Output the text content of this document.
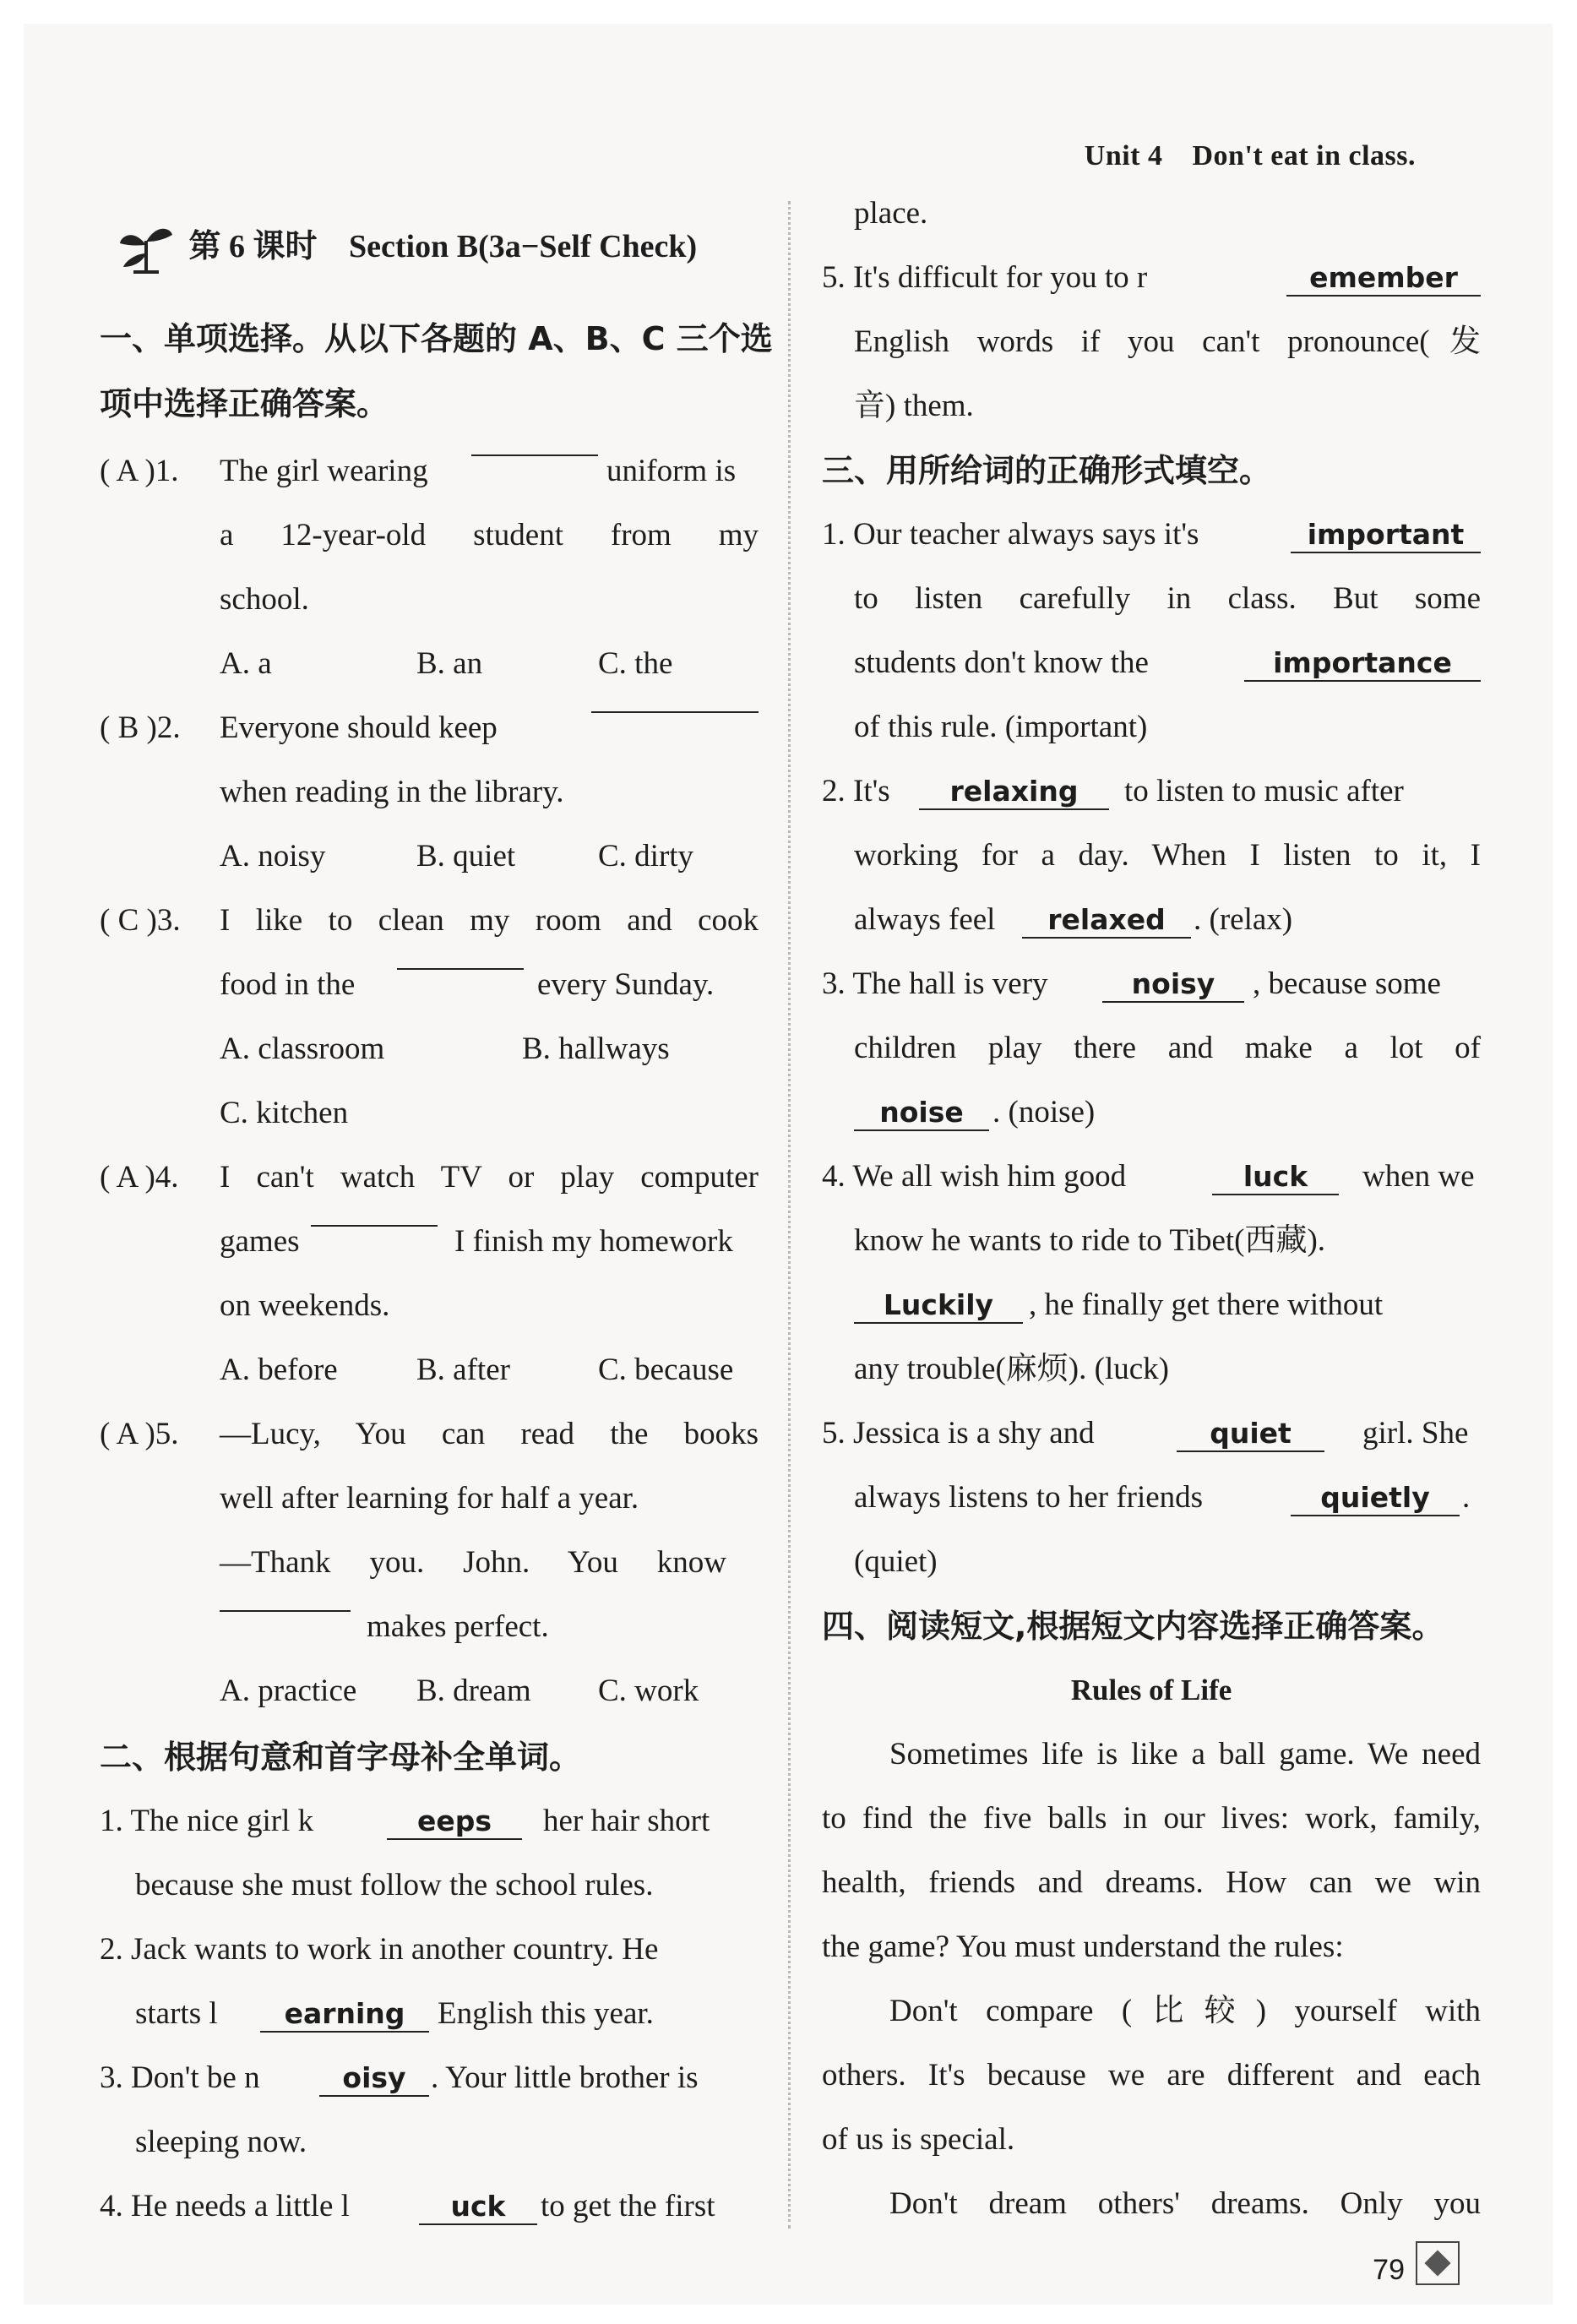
Unit 4 Don't eat in class.
第 6 课时 Section B(3a−Self Check)
一、单项选择。从以下各题的 A、B、C 三个选
项中选择正确答案。
( A )1. The girl wearing	uniform is
a 12-year-old student from my
school.
A. a	B. an	C. the
( B )2. Everyone should keep
when reading in the library.
A. noisy	B. quiet	C. dirty
( C )3. I like to clean my room and cook
food in the	every Sunday.
A. classroom	B. hallways
C. kitchen
( A )4. I can't watch TV or play computer
games	I finish my homework
on weekends.
A. before	B. after	C. because
( A )5. —Lucy, You can read the books
well after learning for half a year.
—Thank you. John. You know
makes perfect.
A. practice B. dream C. work
二、根据句意和首字母补全单词。
1. The nice girl k	eeps	her hair short
because she must follow the school rules.
2. Jack wants to work in another country. He
starts l	earning	English this year.
3. Don't be n	oisy . Your little brother is
sleeping now.
4. He needs a little l	uck	to get the first
place.
5. It's difficult for you to r	emember
English words if you can't pronounce(发
音) them.
三、用所给词的正确形式填空。
1. Our teacher always says it's	important
to listen carefully in class. But some
students don't know the	importance
of this rule. (important)
2. It's	relaxing	to listen to music after
working for a day. When I listen to it, I
always feel	relaxed . (relax)
3. The hall is very	noisy	, because some
children play there and make a lot of
noise . (noise)
4. We all wish him good	luck	when we
know he wants to ride to Tibet(西藏).
Luckily	, he finally get there without
any trouble(麻烦). (luck)
5. Jessica is a shy and	quiet	girl. She
always listens to her friends	quietly	.
(quiet)
四、阅读短文,根据短文内容选择正确答案。
Rules of Life
Sometimes life is like a ball game. We need
to find the five balls in our lives: work, family,
health, friends and dreams. How can we win
the game? You must understand the rules:
Don't compare (比较) yourself with
others. It's because we are different and each
of us is special.
Don't dream others' dreams. Only you
79
